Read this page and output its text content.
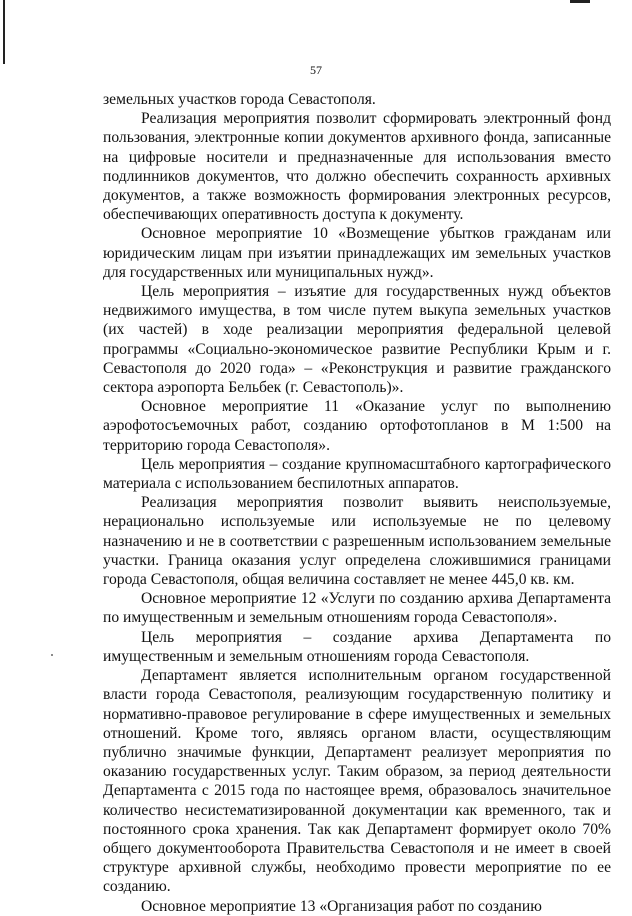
57

земельных участков города Севастополя.

Реализация мероприятия позволит сформировать электронный фонд пользования, электронные копии документов архивного фонда, записанные на цифровые носители и предназначенные для использования вместо подлинников документов, что должно обеспечить сохранность архивных документов, а также возможность формирования электронных ресурсов, обеспечивающих оперативность доступа к документу.

Основное мероприятие 10 «Возмещение убытков гражданам или юридическим лицам при изъятии принадлежащих им земельных участков для государственных или муниципальных нужд».

Цель мероприятия – изъятие для государственных нужд объектов недвижимого имущества, в том числе путем выкупа земельных участков (их частей) в ходе реализации мероприятия федеральной целевой программы «Социально-экономическое развитие Республики Крым и г. Севастополя до 2020 года» – «Реконструкция и развитие гражданского сектора аэропорта Бельбек (г. Севастополь)».

Основное мероприятие 11 «Оказание услуг по выполнению аэрофотосъемочных работ, созданию ортофотопланов в М 1:500 на территорию города Севастополя».

Цель мероприятия – создание крупномасштабного картографического материала с использованием беспилотных аппаратов.

Реализация мероприятия позволит выявить неиспользуемые, нерационально используемые или используемые не по целевому назначению и не в соответствии с разрешенным использованием земельные участки. Граница оказания услуг определена сложившимися границами города Севастополя, общая величина составляет не менее 445,0 кв. км.

Основное мероприятие 12 «Услуги по созданию архива Департамента по имущественным и земельным отношениям города Севастополя».

Цель мероприятия – создание архива Департамента по имущественным и земельным отношениям города Севастополя.

Департамент является исполнительным органом государственной власти города Севастополя, реализующим государственную политику и нормативно-правовое регулирование в сфере имущественных и земельных отношений. Кроме того, являясь органом власти, осуществляющим публично значимые функции, Департамент реализует мероприятия по оказанию государственных услуг. Таким образом, за период деятельности Департамента с 2015 года по настоящее время, образовалось значительное количество несистематизированной документации как временного, так и постоянного срока хранения. Так как Департамент формирует около 70% общего документооборота Правительства Севастополя и не имеет в своей структуре архивной службы, необходимо провести мероприятие по ее созданию.

Основное мероприятие 13 «Организация работ по созданию
